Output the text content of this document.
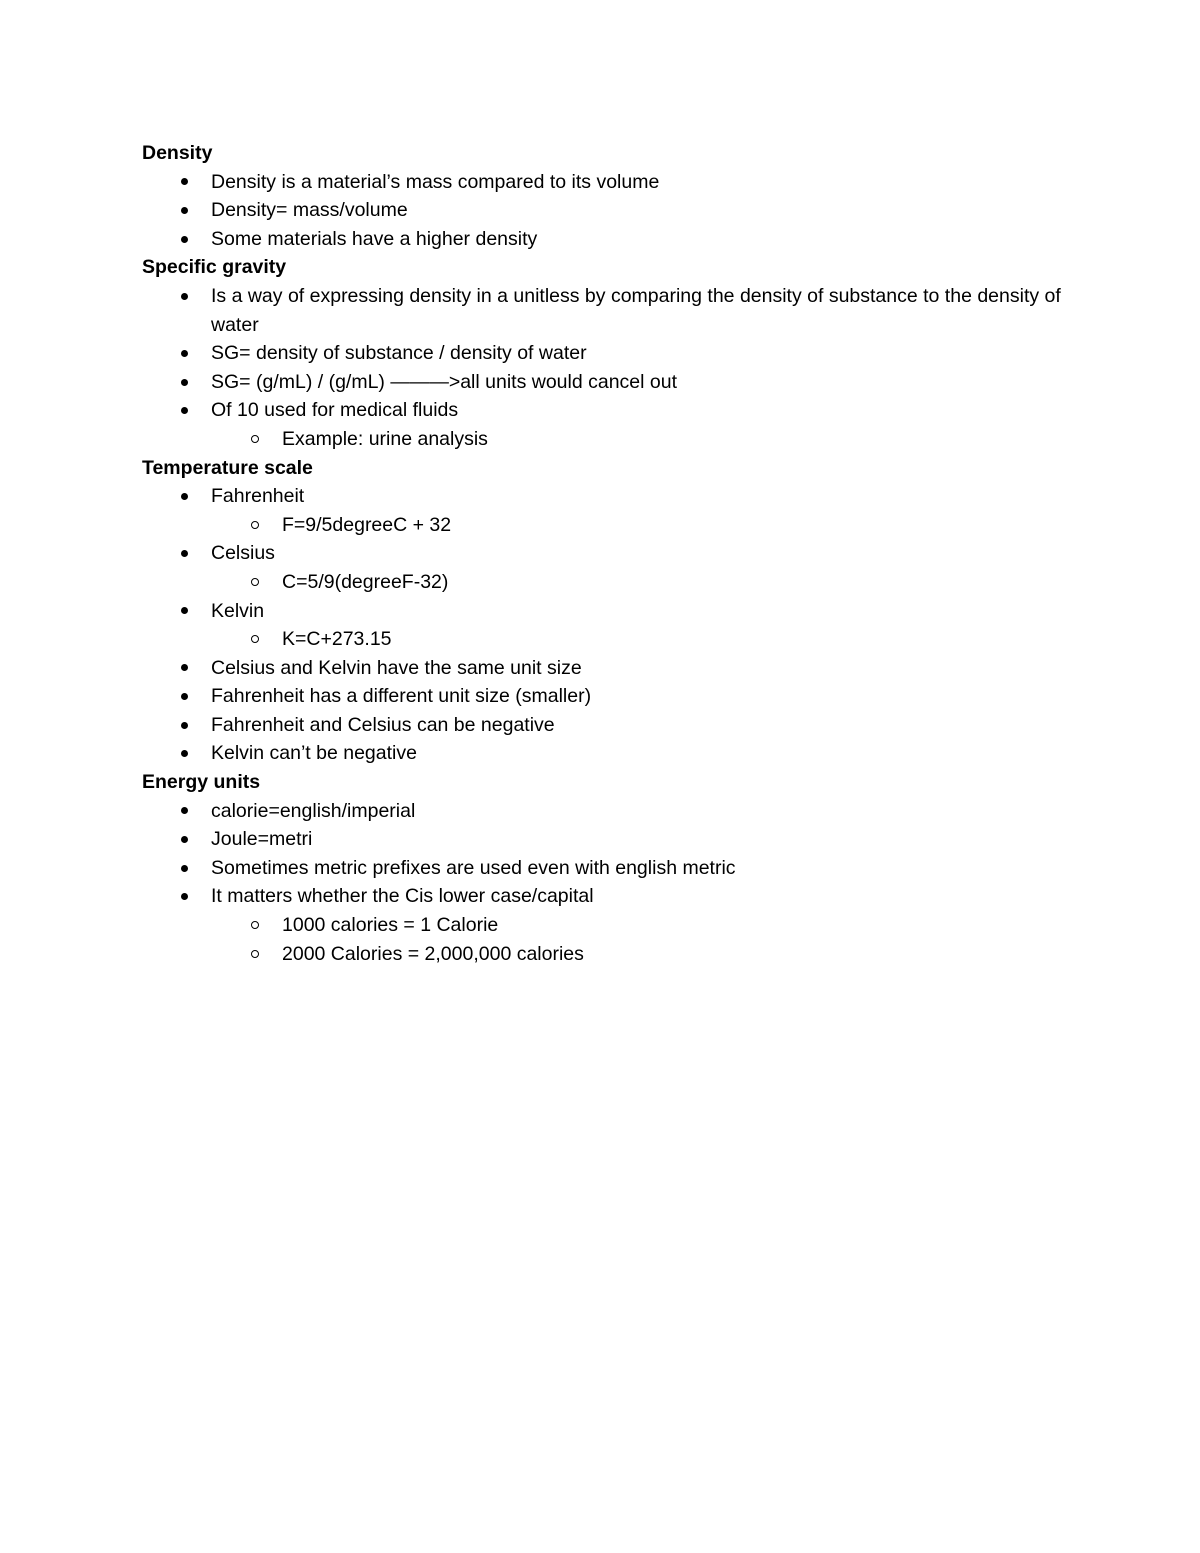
Density
Density is a material’s mass compared to its volume
Density= mass/volume
Some materials have a higher density
Specific gravity
Is a way of expressing density in a unitless by comparing the density of substance to the density of water
SG= density of substance / density of water
SG= (g/mL) / (g/mL) ———>all units would cancel out
Of 10 used for medical fluids
Example: urine analysis
Temperature scale
Fahrenheit
F=9/5degreeC + 32
Celsius
C=5/9(degreeF-32)
Kelvin
K=C+273.15
Celsius and Kelvin have the same unit size
Fahrenheit has a different unit size (smaller)
Fahrenheit and Celsius can be negative
Kelvin can’t be negative
Energy units
calorie=english/imperial
Joule=metri
Sometimes metric prefixes are used even with english metric
It matters whether the Cis lower case/capital
1000 calories = 1 Calorie
2000 Calories = 2,000,000 calories
